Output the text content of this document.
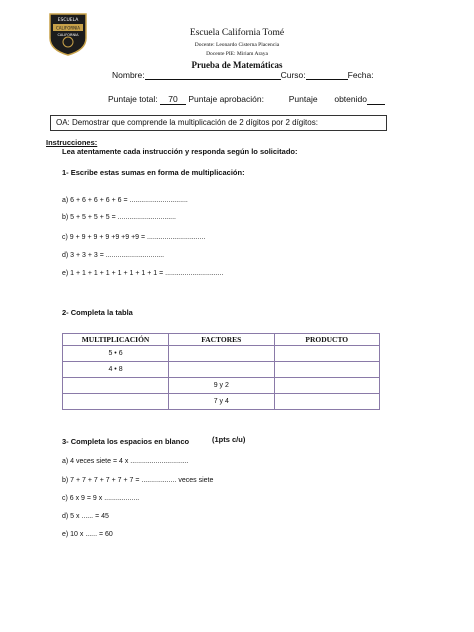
ESCUELA
CALIFORNIA
CALIFORNIA	Escuela California Tomé
Docente: Leonardo Cisterna Placencia
Docente PIE: Miriam Araya
Prueba de Matemáticas
Nombre:	Curso:	Fecha:
Puntaje total: 70 Puntaje aprobación:	Puntaje obtenido
OA: Demostrar que comprende la multiplicación de 2 dígitos por 2 dígitos:
Instrucciones:
Lea atentamente cada instrucción y responda según lo solicitado:
1- Escribe estas sumas en forma de multiplicación:
a) 6 + 6 + 6 + 6 + 6 = ..............................
b) 5 + 5 + 5 + 5 = ..............................
c) 9 + 9 + 9 + 9 +9 +9 +9 = ..............................
d) 3 + 3 + 3 = ..............................
e) 1 + 1 + 1 + 1 + 1 + 1 + 1 + 1 = ..............................
2- Completa la tabla
MULTIPLICACIÓN	FACTORES	PRODUCTO
5 • 6		
4 • 8		
	9 y 2	
	7 y 4	
3- Completa los espacios en blanco	(1pts c/u)
a) 4 veces siete = 4 x ..............................
b) 7 + 7 + 7 + 7 + 7 + 7 = .................. veces siete
c) 6 x 9 = 9 x ..................
d) 5 x ...... = 45
e) 10 x ...... = 60
